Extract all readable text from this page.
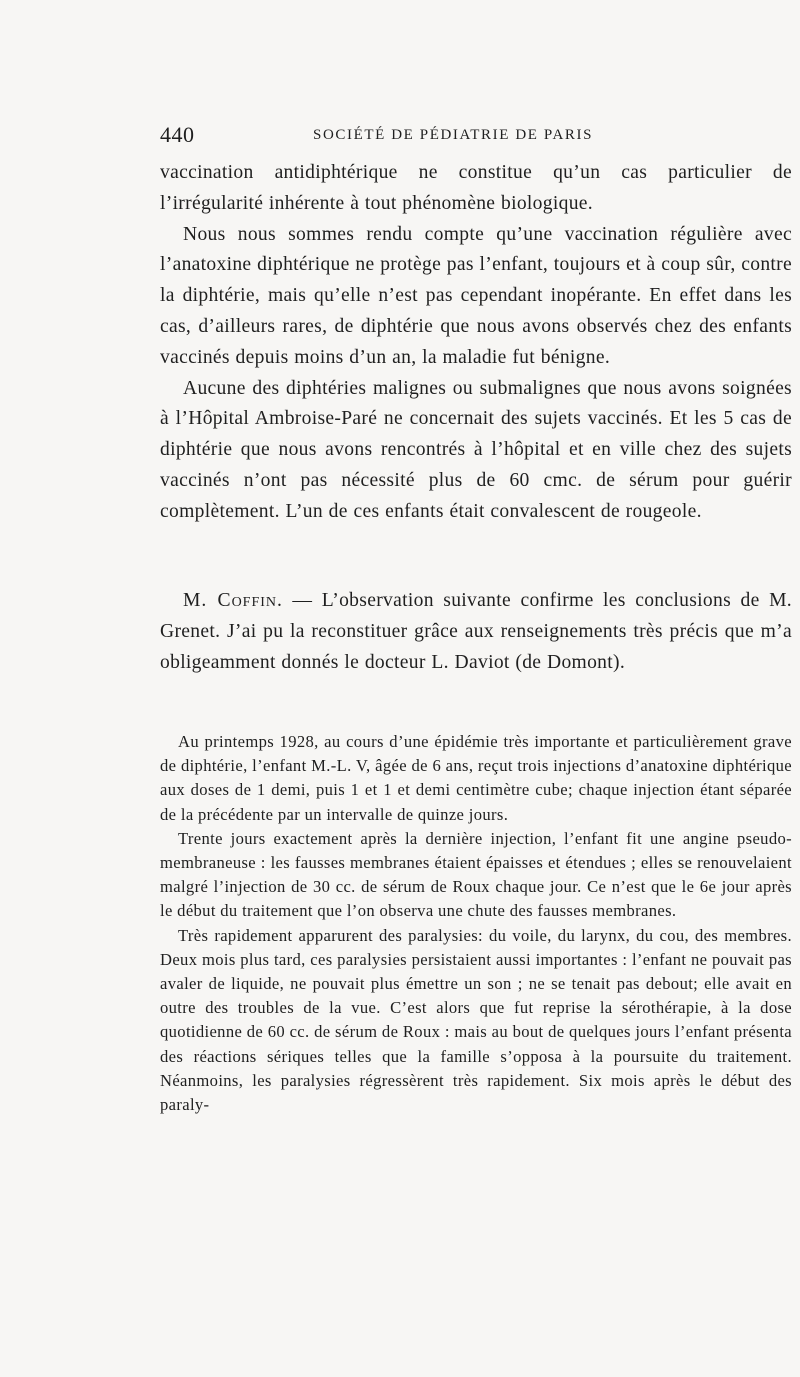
440	SOCIÉTÉ DE PÉDIATRIE DE PARIS

vaccination antidiphtérique ne constitue qu’un cas particulier de l’irrégularité inhérente à tout phénomène biologique.

Nous nous sommes rendu compte qu’une vaccination régulière avec l’anatoxine diphtérique ne protège pas l’enfant, toujours et à coup sûr, contre la diphtérie, mais qu’elle n’est pas cependant inopérante. En effet dans les cas, d’ailleurs rares, de diphtérie que nous avons observés chez des enfants vaccinés depuis moins d’un an, la maladie fut bénigne.

Aucune des diphtéries malignes ou submalignes que nous avons soignées à l’Hôpital Ambroise-Paré ne concernait des sujets vaccinés. Et les 5 cas de diphtérie que nous avons rencontrés à l’hôpital et en ville chez des sujets vaccinés n’ont pas nécessité plus de 60 cmc. de sérum pour guérir complètement. L’un de ces enfants était convalescent de rougeole.

M. Coffin. — L’observation suivante confirme les conclusions de M. Grenet. J’ai pu la reconstituer grâce aux renseignements très précis que m’a obligeamment donnés le docteur L. Daviot (de Domont).

Au printemps 1928, au cours d’une épidémie très importante et particulièrement grave de diphtérie, l’enfant M.-L. V, âgée de 6 ans, reçut trois injections d’anatoxine diphtérique aux doses de 1 demi, puis 1 et 1 et demi centimètre cube; chaque injection étant séparée de la précédente par un intervalle de quinze jours.

Trente jours exactement après la dernière injection, l’enfant fit une angine pseudo-membraneuse : les fausses membranes étaient épaisses et étendues ; elles se renouvelaient malgré l’injection de 30 cc. de sérum de Roux chaque jour. Ce n’est que le 6e jour après le début du traitement que l’on observa une chute des fausses membranes.

Très rapidement apparurent des paralysies: du voile, du larynx, du cou, des membres. Deux mois plus tard, ces paralysies persistaient aussi importantes : l’enfant ne pouvait pas avaler de liquide, ne pouvait plus émettre un son ; ne se tenait pas debout; elle avait en outre des troubles de la vue. C’est alors que fut reprise la sérothérapie, à la dose quotidienne de 60 cc. de sérum de Roux : mais au bout de quelques jours l’enfant présenta des réactions sériques telles que la famille s’opposa à la poursuite du traitement. Néanmoins, les paralysies régressèrent très rapidement. Six mois après le début des paraly-
